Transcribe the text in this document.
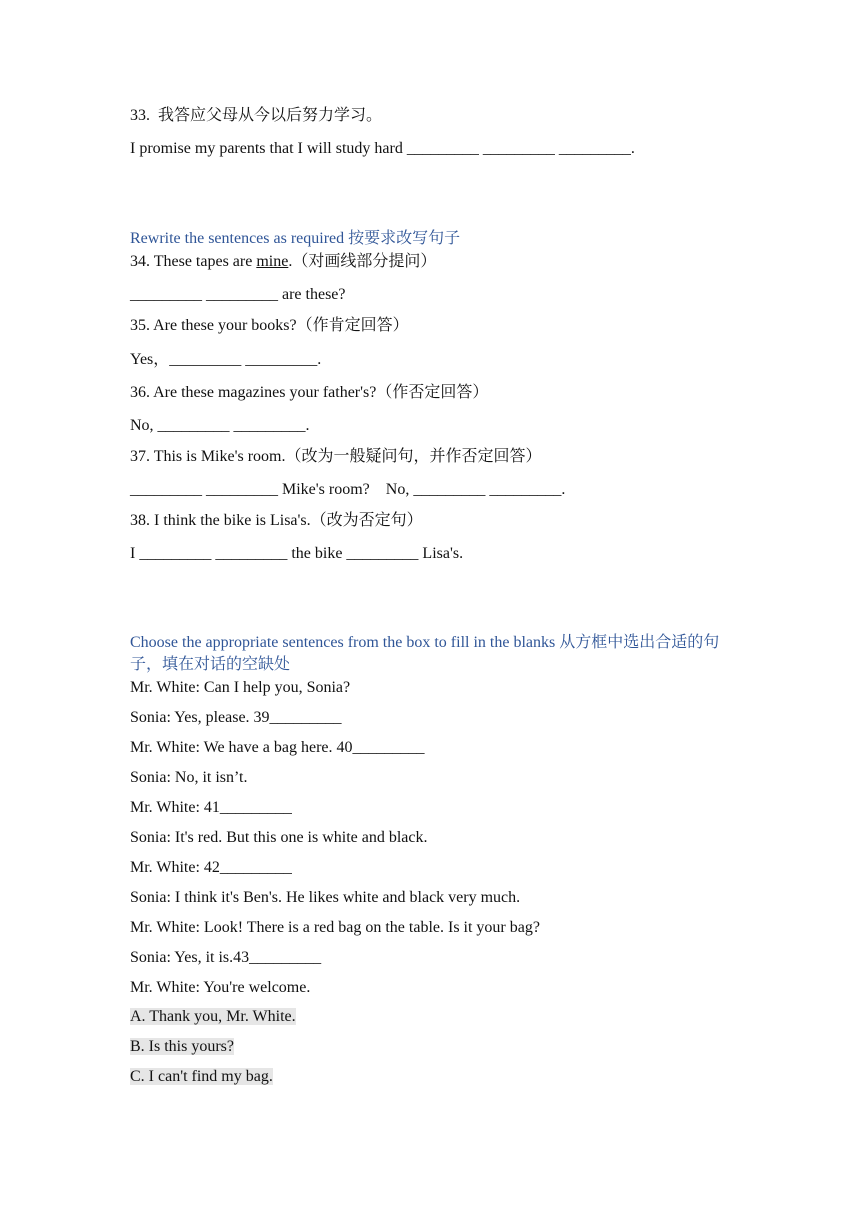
33.  我答应父母从今以后努力学习。
I promise my parents that I will study hard _________ _________ _________.
Rewrite the sentences as required 按要求改写句子
34. These tapes are mine.（对画线部分提问）
_________ _________ are these?
35. Are these your books?（作肯定回答）
Yes，_________ _________.
36. Are these magazines your father's?（作否定回答）
No, _________ _________.
37. This is Mike's room.（改为一般疑问句，并作否定回答）
_________ _________ Mike's room?    No, _________ _________.
38. I think the bike is Lisa's.（改为否定句）
I _________ _________ the bike _________ Lisa's.
Choose the appropriate sentences from the box to fill in the blanks 从方框中选出合适的句子，填在对话的空缺处
Mr. White: Can I help you, Sonia?
Sonia: Yes, please. 39_________
Mr. White: We have a bag here. 40_________
Sonia: No, it isn’t.
Mr. White: 41_________
Sonia: It's red. But this one is white and black.
Mr. White: 42_________
Sonia: I think it's Ben's. He likes white and black very much.
Mr. White: Look! There is a red bag on the table. Is it your bag?
Sonia: Yes, it is.43_________
Mr. White: You're welcome.
A. Thank you, Mr. White.
B. Is this yours?
C. I can't find my bag.
